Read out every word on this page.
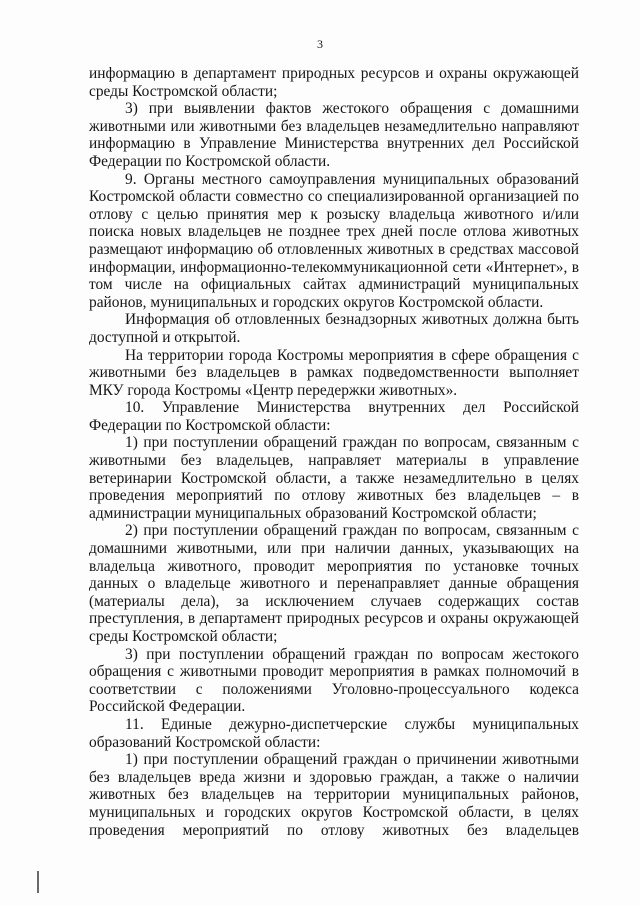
3

информацию в департамент природных ресурсов и охраны окружающей среды Костромской области;

3) при выявлении фактов жестокого обращения с домашними животными или животными без владельцев незамедлительно направляют информацию в Управление Министерства внутренних дел Российской Федерации по Костромской области.

9. Органы местного самоуправления муниципальных образований Костромской области совместно со специализированной организацией по отлову с целью принятия мер к розыску владельца животного и/или поиска новых владельцев не позднее трех дней после отлова животных размещают информацию об отловленных животных в средствах массовой информации, информационно-телекоммуникационной сети «Интернет», в том числе на официальных сайтах администраций муниципальных районов, муниципальных и городских округов Костромской области.

Информация об отловленных безнадзорных животных должна быть доступной и открытой.

На территории города Костромы мероприятия в сфере обращения с животными без владельцев в рамках подведомственности выполняет МКУ города Костромы «Центр передержки животных».

10. Управление Министерства внутренних дел Российской Федерации по Костромской области:

1) при поступлении обращений граждан по вопросам, связанным с животными без владельцев, направляет материалы в управление ветеринарии Костромской области, а также незамедлительно в целях проведения мероприятий по отлову животных без владельцев – в администрации муниципальных образований Костромской области;

2) при поступлении обращений граждан по вопросам, связанным с домашними животными, или при наличии данных, указывающих на владельца животного, проводит мероприятия по установке точных данных о владельце животного и перенаправляет данные обращения (материалы дела), за исключением случаев содержащих состав преступления, в департамент природных ресурсов и охраны окружающей среды Костромской области;

3) при поступлении обращений граждан по вопросам жестокого обращения с животными проводит мероприятия в рамках полномочий в соответствии с положениями Уголовно-процессуального кодекса Российской Федерации.

11. Единые дежурно-диспетчерские службы муниципальных образований Костромской области:

1) при поступлении обращений граждан о причинении животными без владельцев вреда жизни и здоровью граждан, а также о наличии животных без владельцев на территории муниципальных районов, муниципальных и городских округов Костромской области, в целях проведения мероприятий по отлову животных без владельцев
